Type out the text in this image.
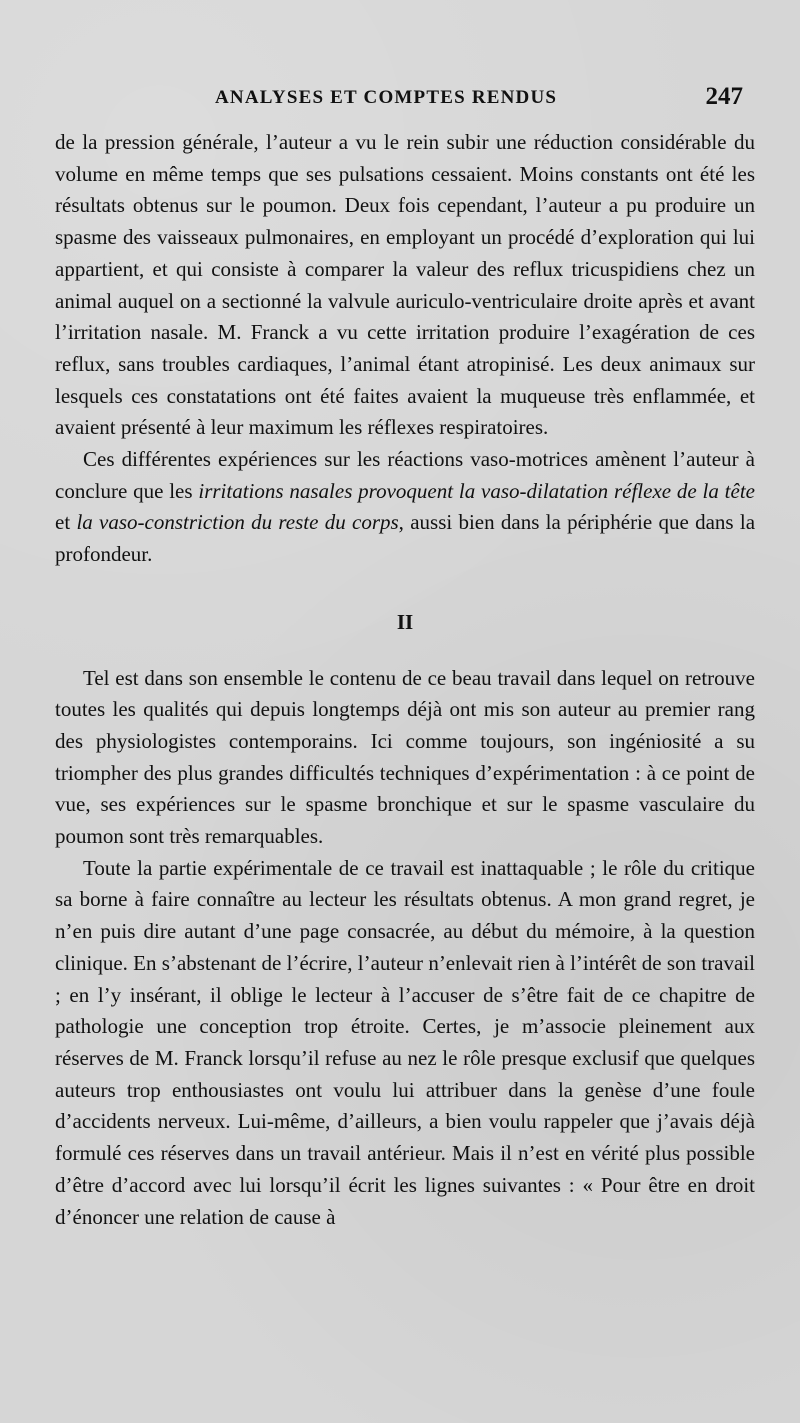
ANALYSES ET COMPTES RENDUS	247

de la pression générale, l’auteur a vu le rein subir une réduction considérable du volume en même temps que ses pulsations cessaient. Moins constants ont été les résultats obtenus sur le poumon. Deux fois cependant, l’auteur a pu produire un spasme des vaisseaux pulmonaires, en employant un procédé d’exploration qui lui appartient, et qui consiste à comparer la valeur des reflux tricuspidiens chez un animal auquel on a sectionné la valvule auriculo-ventriculaire droite après et avant l’irritation nasale. M. Franck a vu cette irritation produire l’exagération de ces reflux, sans troubles cardiaques, l’animal étant atropinisé. Les deux animaux sur lesquels ces constatations ont été faites avaient la muqueuse très enflammée, et avaient présenté à leur maximum les réflexes respiratoires.

Ces différentes expériences sur les réactions vaso-motrices amènent l’auteur à conclure que les irritations nasales provoquent la vaso-dilatation réflexe de la tête et la vaso-constriction du reste du corps, aussi bien dans la périphérie que dans la profondeur.

II

Tel est dans son ensemble le contenu de ce beau travail dans lequel on retrouve toutes les qualités qui depuis longtemps déjà ont mis son auteur au premier rang des physiologistes contemporains. Ici comme toujours, son ingéniosité a su triompher des plus grandes difficultés techniques d’expérimentation : à ce point de vue, ses expériences sur le spasme bronchique et sur le spasme vasculaire du poumon sont très remarquables.

Toute la partie expérimentale de ce travail est inattaquable ; le rôle du critique sa borne à faire connaître au lecteur les résultats obtenus. A mon grand regret, je n’en puis dire autant d’une page consacrée, au début du mémoire, à la question clinique. En s’abstenant de l’écrire, l’auteur n’enlevait rien à l’intérêt de son travail ; en l’y insérant, il oblige le lecteur à l’accuser de s’être fait de ce chapitre de pathologie une conception trop étroite. Certes, je m’associe pleinement aux réserves de M. Franck lorsqu’il refuse au nez le rôle presque exclusif que quelques auteurs trop enthousiastes ont voulu lui attribuer dans la genèse d’une foule d’accidents nerveux. Lui-même, d’ailleurs, a bien voulu rappeler que j’avais déjà formulé ces réserves dans un travail antérieur. Mais il n’est en vérité plus possible d’être d’accord avec lui lorsqu’il écrit les lignes suivantes : « Pour être en droit d’énoncer une relation de cause à
